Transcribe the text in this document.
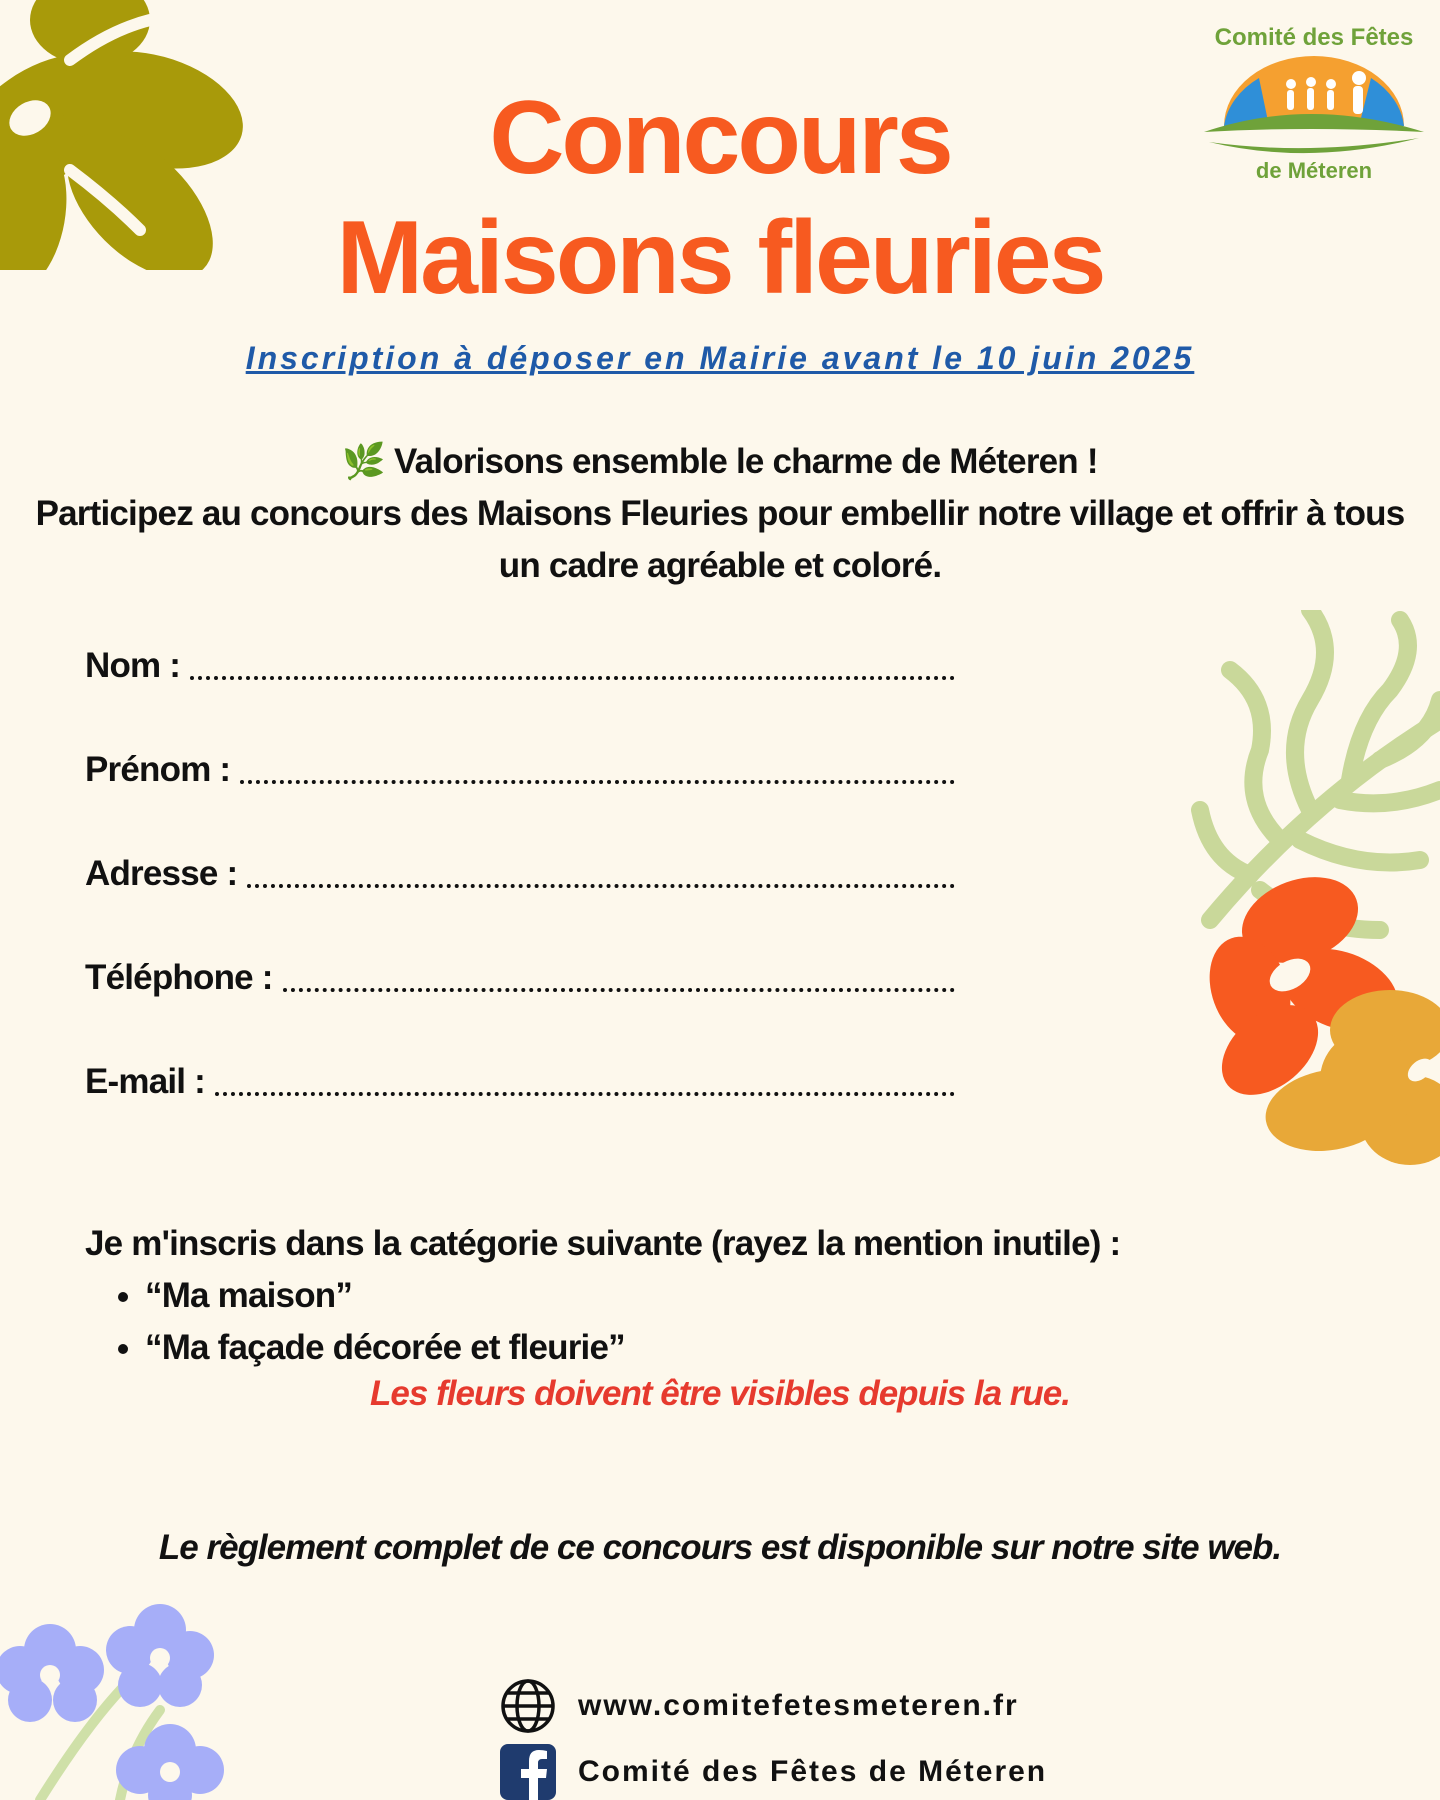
Comité des Fêtes
de Méteren
Concours
Maisons fleuries
Inscription à déposer en Mairie avant le 10 juin 2025
🌿 Valorisons ensemble le charme de Méteren !
Participez au concours des Maisons Fleuries pour embellir notre village et offrir à tous
un cadre agréable et coloré.
Nom :
Prénom :
Adresse :
Téléphone :
E-mail :
Je m'inscris dans la catégorie suivante (rayez la mention inutile) :
• “Ma maison”
• “Ma façade décorée et fleurie”
Les fleurs doivent être visibles depuis la rue.
Le règlement complet de ce concours est disponible sur notre site web.
www.comitefetesmeteren.fr
Comité des Fêtes de Méteren
